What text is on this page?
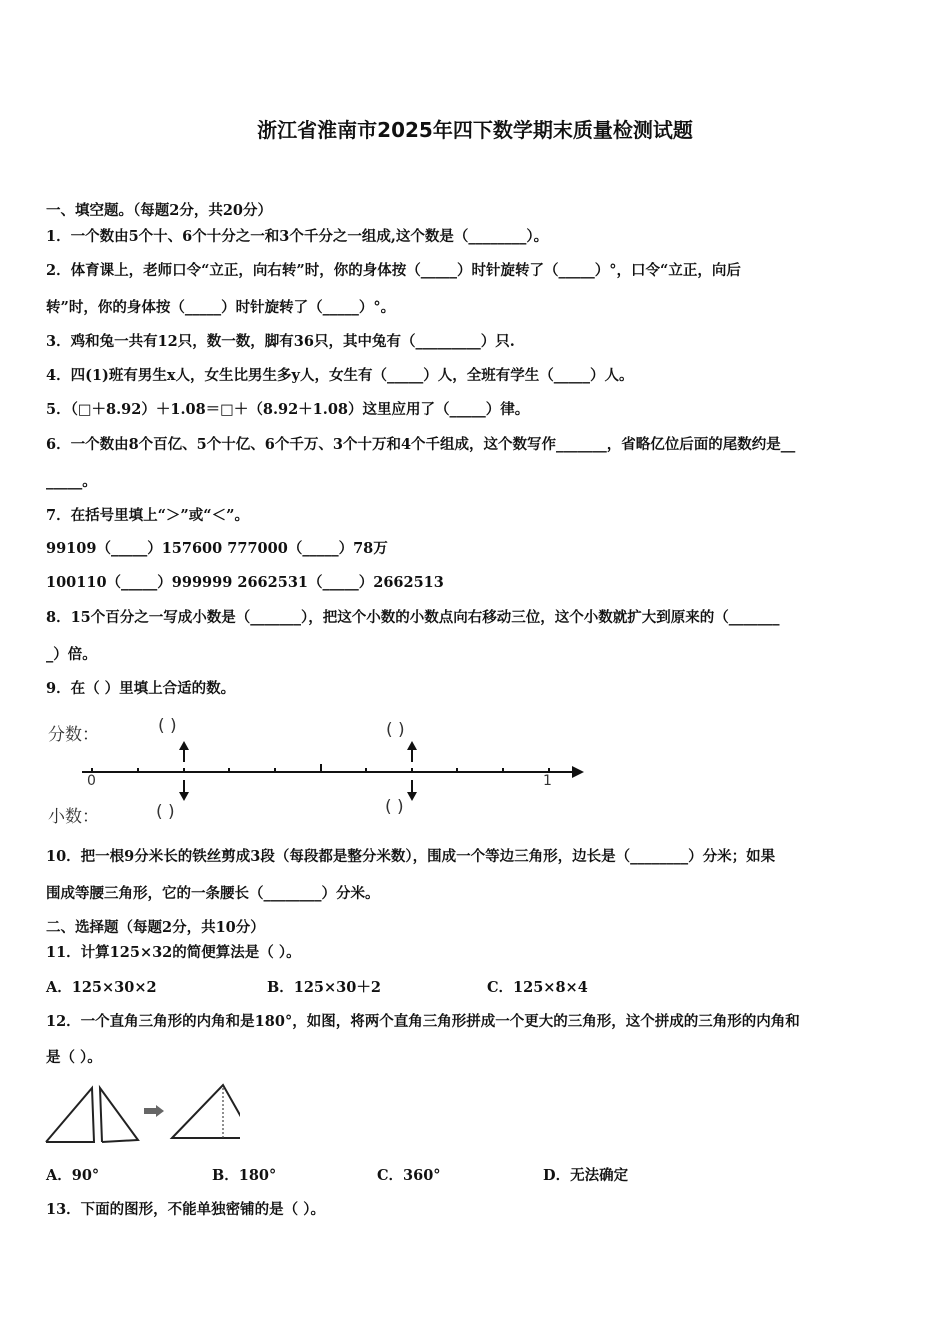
浙江省淮南市2025年四下数学期末质量检测试题
一、填空题。（每题2分，共20分）
1．一个数由5个十、6个十分之一和3个千分之一组成,这个数是（________）。
2．体育课上，老师口令“立正，向右转”时，你的身体按（_____）时针旋转了（_____）°，口令“立正，向后
转”时，你的身体按（_____）时针旋转了（_____）°。
3．鸡和兔一共有12只，数一数，脚有36只，其中兔有（_________）只.
4．四(1)班有男生x人，女生比男生多y人，女生有（_____）人，全班有学生（_____）人。
5．（□＋8.92）＋1.08＝□＋（8.92＋1.08）这里应用了（_____）律。
6．一个数由8个百亿、5个十亿、6个千万、3个十万和4个千组成，这个数写作_______，省略亿位后面的尾数约是__
_____。
7．在括号里填上“＞”或“＜”。
99109（_____）157600 777000（_____）78万
100110（_____）999999 2662531（_____）2662513
8．15个百分之一写成小数是（_______），把这个小数的小数点向右移动三位，这个小数就扩大到原来的（_______
_）倍。
9．在（ ）里填上合适的数。
分数：
小数：
( )	( )
( )	( )
0	1
10．把一根9分米长的铁丝剪成3段（每段都是整分米数），围成一个等边三角形，边长是（________）分米；如果
围成等腰三角形，它的一条腰长（________）分米。
二、选择题（每题2分，共10分）
11．计算125×32的简便算法是（ ）。
A．125×30×2	B．125×30＋2	C．125×8×4
12．一个直角三角形的内角和是180°，如图，将两个直角三角形拼成一个更大的三角形，这个拼成的三角形的内角和
是（ ）。
A．90°	B．180°	C．360°	D．无法确定
13．下面的图形，不能单独密铺的是（ ）。
